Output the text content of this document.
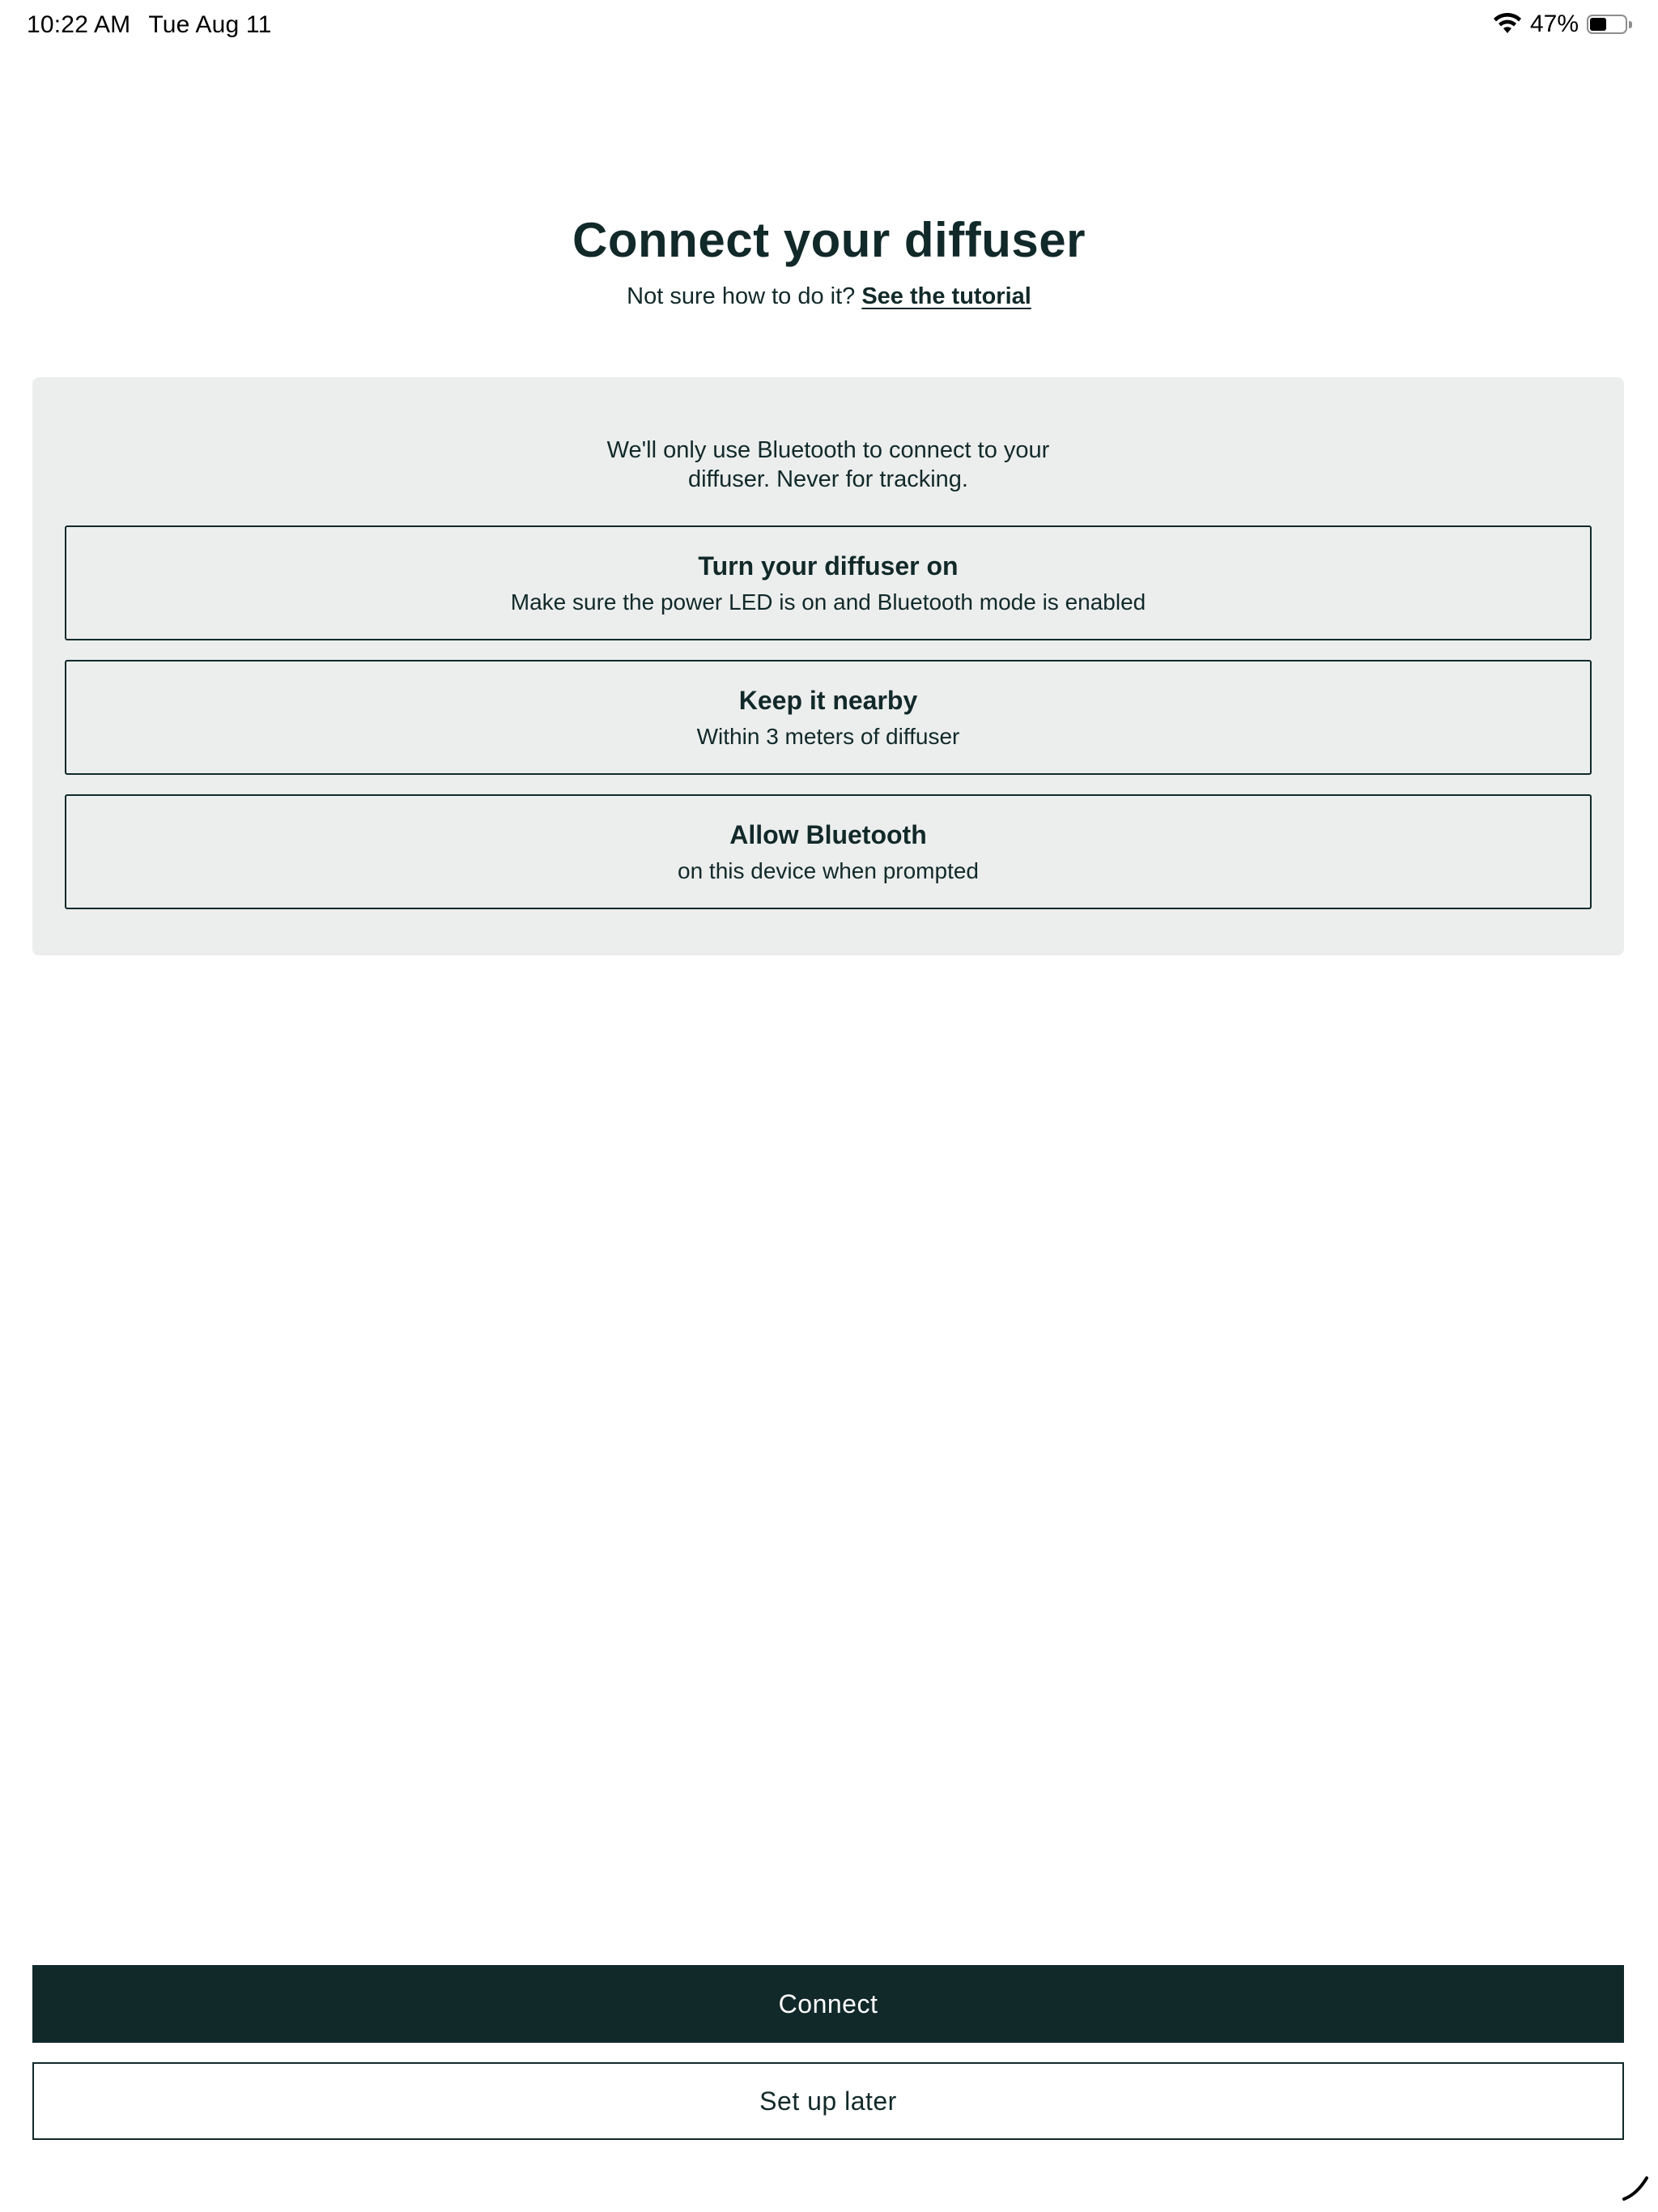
10:22 AM Tue Aug 11	47%
Connect your diffuser

Not sure how to do it? See the tutorial

We'll only use Bluetooth to connect to your
diffuser. Never for tracking.

Turn your diffuser on
Make sure the power LED is on and Bluetooth mode is enabled
Keep it nearby
Within 3 meters of diffuser
Allow Bluetooth
on this device when prompted
Connect
Set up later
